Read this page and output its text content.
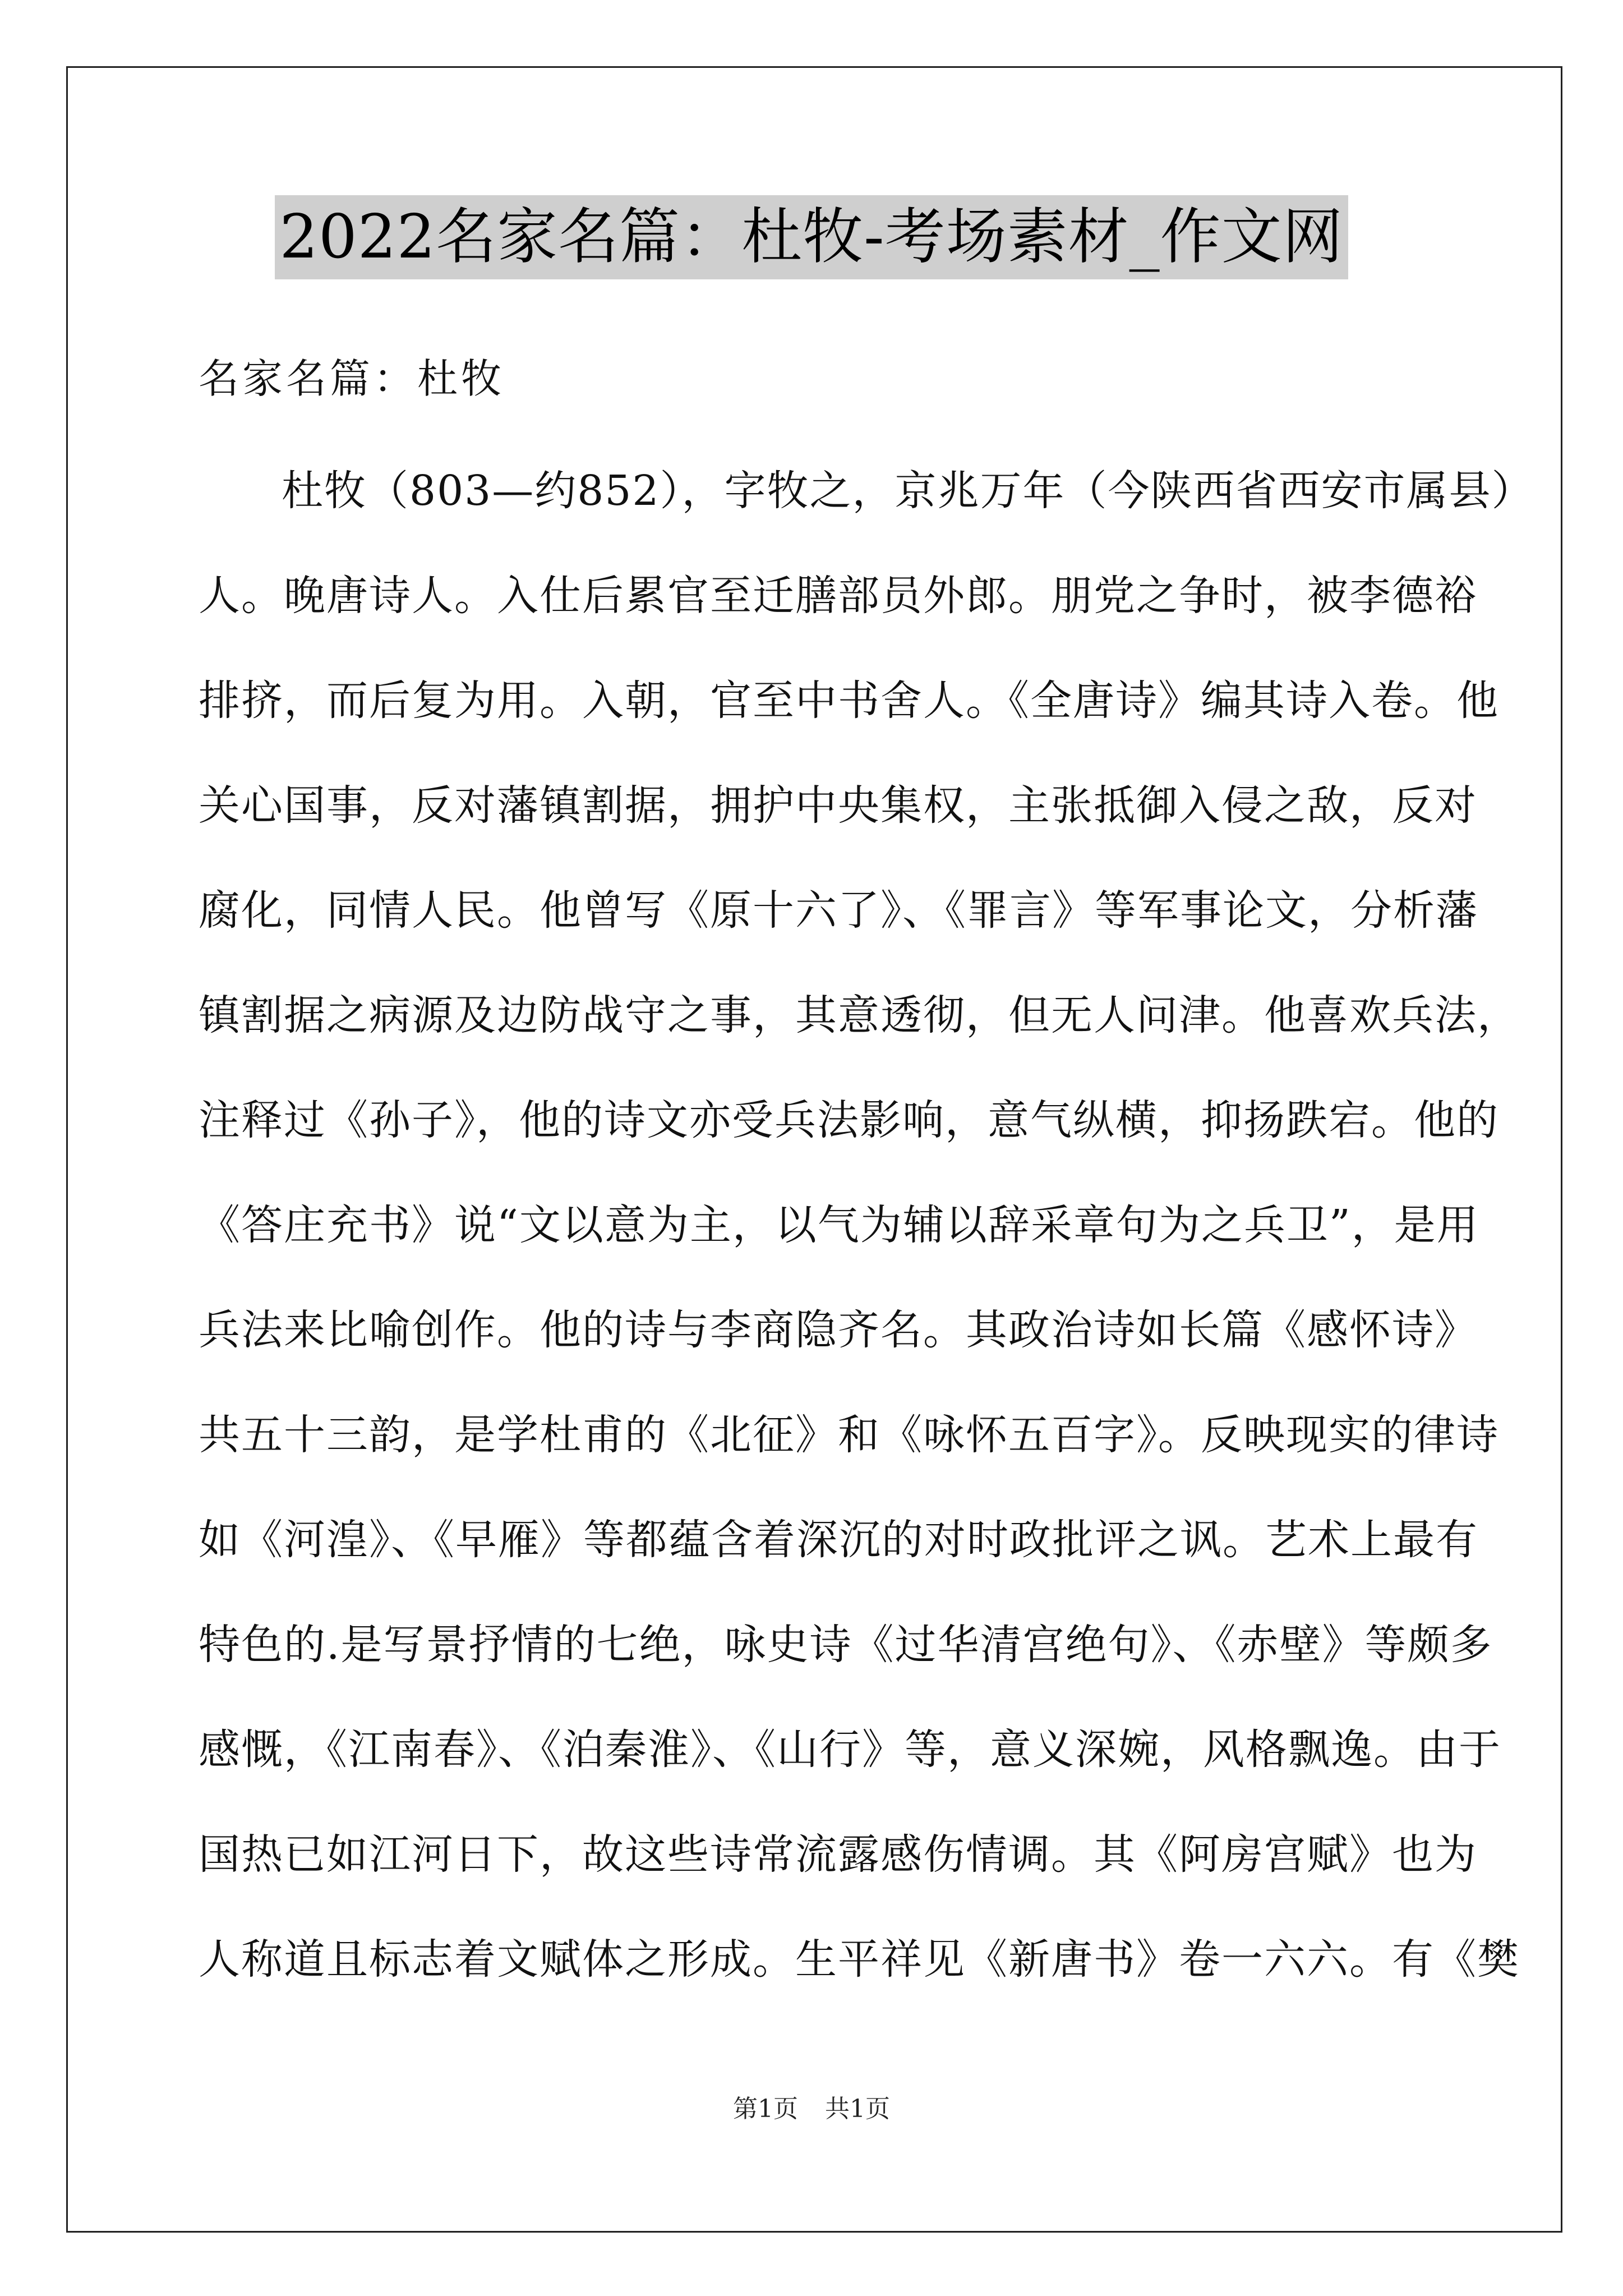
2022名家名篇：杜牧-考场素材_作文网
名家名篇：杜牧
杜牧（803—约852），字牧之，京兆万年（今陕西省西安市属县）
人。晚唐诗人。入仕后累官至迁膳部员外郎。朋党之争时，被李德裕
排挤，而后复为用。入朝，官至中书舍人。《全唐诗》编其诗入卷。他
关心国事，反对藩镇割据，拥护中央集权，主张抵御入侵之敌，反对
腐化，同情人民。他曾写《原十六了》、《罪言》等军事论文，分析藩
镇割据之病源及边防战守之事，其意透彻，但无人问津。他喜欢兵法，
注释过《孙子》，他的诗文亦受兵法影响，意气纵横，抑扬跌宕。他的
《答庄充书》说“文以意为主，以气为辅以辞采章句为之兵卫”，是用
兵法来比喻创作。他的诗与李商隐齐名。其政治诗如长篇《感怀诗》
共五十三韵，是学杜甫的《北征》和《咏怀五百字》。反映现实的律诗
如《河湟》、《早雁》等都蕴含着深沉的对时政批评之讽。艺术上最有
特色的.是写景抒情的七绝，咏史诗《过华清宫绝句》、《赤壁》等颇多
感慨，《江南春》、《泊秦淮》、《山行》等，意义深婉，风格飘逸。由于
国热已如江河日下，故这些诗常流露感伤情调。其《阿房宫赋》也为
人称道且标志着文赋体之形成。生平祥见《新唐书》卷一六六。有《樊
第1页 共1页
